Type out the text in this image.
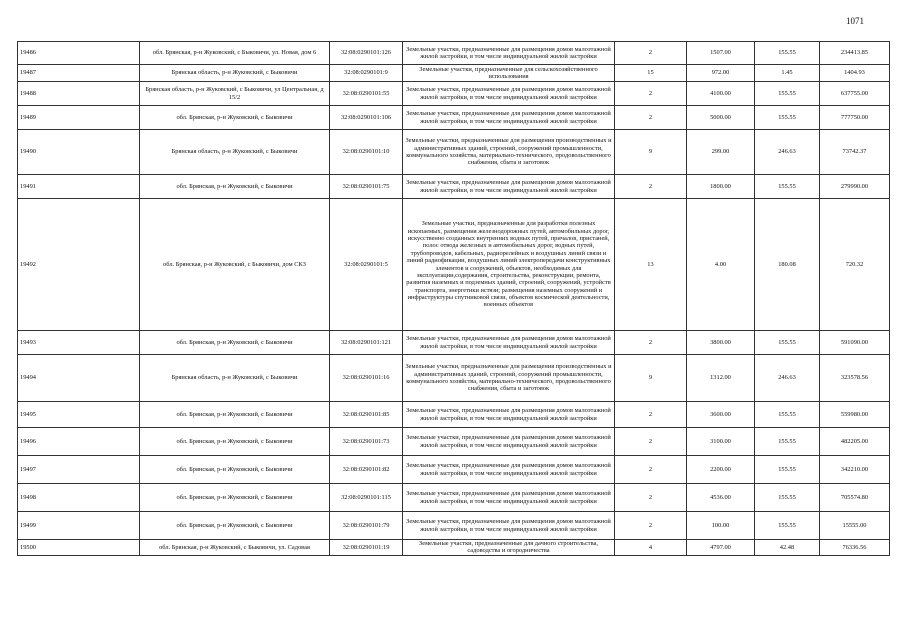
1071
19486	обл. Брянская, р-н Жуковский, с Быковичи, ул. Новая, дом 6	32:08:0290101:126	Земельные участки, предназначенные для размещения домов малоэтажной жилой застройки, в том числе индивидуальной жилой застройки	2	1507.00	155.55	234413.85
19487	Брянская область, р-н Жуковский, с Быковичи	32:08:0290101:9	Земельные участки, предназначенные для сельскохозяйственного использования	15	972.00	1.45	1404.93
19488	Брянская область, р-н Жуковский, с Быковичи, ул Центральная, д 15/2	32:08:0290101:55	Земельные участки, предназначенные для размещения домов малоэтажной жилой застройки, в том числе индивидуальной жилой застройки	2	4100.00	155.55	637755.00
19489	обл. Брянская, р-н Жуковский, с Быковичи	32:08:0290101:106	Земельные участки, предназначенные для размещения домов малоэтажной жилой застройки, в том числе индивидуальной жилой застройки	2	5000.00	155.55	777750.00
19490	Брянская область, р-н Жуковский, с Быковичи	32:08:0290101:10	Земельные участки, предназначенные для размещения производственных и административных зданий, строений, сооружений промышленности, коммунального хозяйства, материально-технического, продовольственного снабжения, сбыта и заготовок	9	299.00	246.63	73742.37
19491	обл. Брянская, р-н Жуковский, с Быковичи	32:08:0290101:75	Земельные участки, предназначенные для размещения домов малоэтажной жилой застройки, в том числе индивидуальной жилой застройки	2	1800.00	155.55	279990.00
19492	обл. Брянская, р-н Жуковский, с Быковичи, дом СКЗ	32:08:0290101:5	Земельные участки, предназначенные для разработки полезных ископаемых, размещения железнодорожных путей, автомобильных дорог, искусственно созданных внутренних водных путей, причалов, пристаней, полос отвода железных и автомобильных дорог, водных путей, трубопроводов, кабельных, радиорелейных и воздушных линий связи и линий радиофикации, воздушных линий электропередачи конструктивных элементов и сооружений, объектов, необходимых для эксплуатации,содержания, строительства, реконструкции, ремонта, развития наземных и подземных зданий, строений, сооружений, устройств транспорта, энергетики истязи; размещения наземных сооружений и инфраструктуры спутниковой связи, объектов космической деятельности, военных объектов	13	4.00	180.08	720.32
19493	обл. Брянская, р-н Жуковский, с Быковичи	32:08:0290101:121	Земельные участки, предназначенные для размещения домов малоэтажной жилой застройки, в том числе индивидуальной жилой застройки	2	3800.00	155.55	591090.00
19494	Брянская область, р-н Жуковский, с Быковичи	32:08:0290101:16	Земельные участки, предназначенные для размещения производственных и административных зданий, строений, сооружений промышленности, коммунального хозяйства, материально-технического, продовольственного снабжения, сбыта и заготовок	9	1312.00	246.63	323578.56
19495	обл. Брянская, р-н Жуковский, с Быковичи	32:08:0290101:85	Земельные участки, предназначенные для размещения домов малоэтажной жилой застройки, в том числе индивидуальной жилой застройки	2	3600.00	155.55	559980.00
19496	обл. Брянская, р-н Жуковский, с Быковичи	32:08:0290101:73	Земельные участки, предназначенные для размещения домов малоэтажной жилой застройки, в том числе индивидуальной жилой застройки	2	3100.00	155.55	482205.00
19497	обл. Брянская, р-н Жуковский, с Быковичи	32:08:0290101:82	Земельные участки, предназначенные для размещения домов малоэтажной жилой застройки, в том числе индивидуальной жилой застройки	2	2200.00	155.55	342210.00
19498	обл. Брянская, р-н Жуковский, с Быковичи	32:08:0290101:115	Земельные участки, предназначенные для размещения домов малоэтажной жилой застройки, в том числе индивидуальной жилой застройки	2	4536.00	155.55	705574.80
19499	обл. Брянская, р-н Жуковский, с Быковичи	32:08:0290101:79	Земельные участки, предназначенные для размещения домов малоэтажной жилой застройки, в том числе индивидуальной жилой застройки	2	100.00	155.55	15555.00
19500	обл. Брянская, р-н Жуковский, с Быковичи, ул. Садовая	32:08:0290101:19	Земельные участки, предназначенные для дачного строительства, садоводства и огородничества	4	4797.00	42.48	76336.56
